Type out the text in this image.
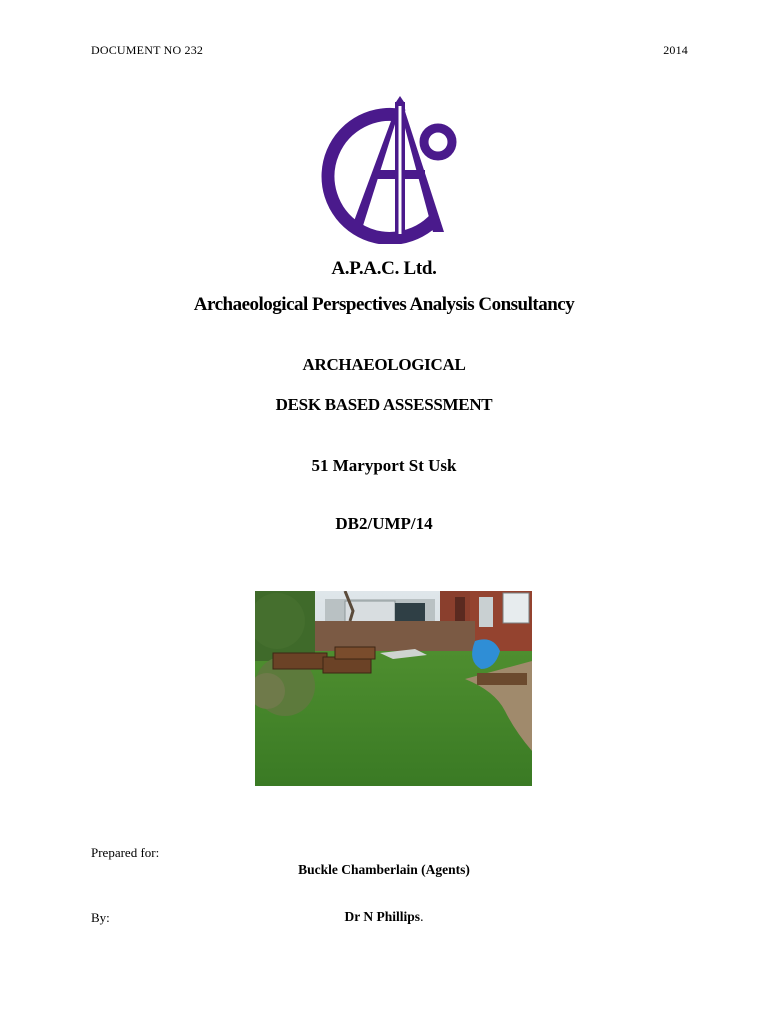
DOCUMENT NO 232	2014
A.P.A.C. Ltd.
Archaeological Perspectives Analysis Consultancy
ARCHAEOLOGICAL
DESK BASED ASSESSMENT
51 Maryport St Usk
DB2/UMP/14
Prepared for:
Buckle Chamberlain (Agents)
By:	Dr N Phillips.
